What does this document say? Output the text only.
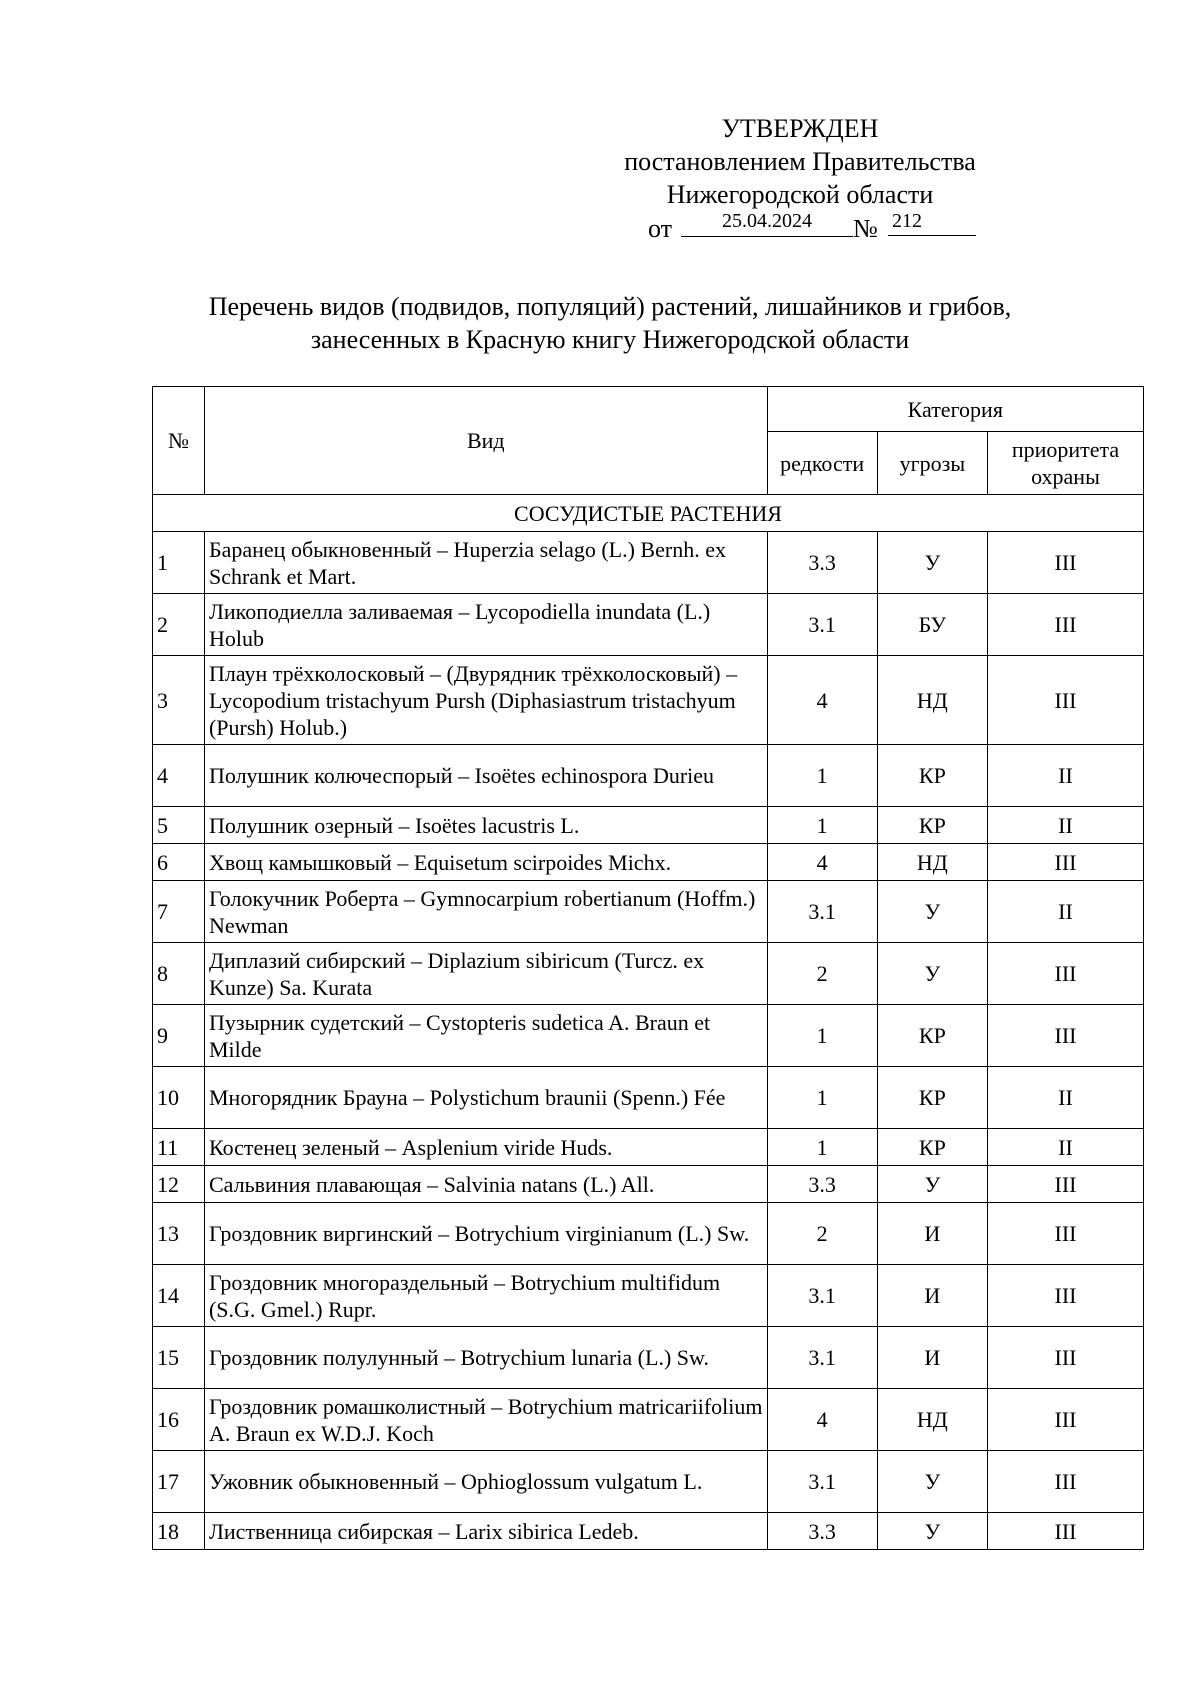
УТВЕРЖДЕН
постановлением Правительства
Нижегородской области
от	25.04.2024	№ 212
Перечень видов (подвидов, популяций) растений, лишайников и грибов,
занесенных в Красную книгу Нижегородской области
№	Вид	Категория		
		редкости	угрозы	приоритета охраны
СОСУДИСТЫЕ РАСТЕНИЯ				
1	Баранец обыкновенный – Huperzia selago (L.) Bernh. ex Schrank et Mart.	3.3	У	III
2	Ликоподиелла заливаемая – Lycopodiella inundata (L.) Holub	3.1	БУ	III
3	Плаун трёхколосковый – (Двурядник трёхколосковый) – Lycopodium tristachyum Pursh (Diphasiastrum tristachyum (Pursh) Holub.)	4	НД	III
4	Полушник колючеспорый – Isoëtes echinospora Durieu	1	КР	II
5	Полушник озерный – Isoëtes lacustris L.	1	КР	II
6	Хвощ камышковый – Equisetum scirpoides Michx.	4	НД	III
7	Голокучник Роберта – Gymnocarpium robertianum (Hoffm.) Newman	3.1	У	II
8	Диплазий сибирский – Diplazium sibiricum (Turcz. ex Kunze) Sa. Kurata	2	У	III
9	Пузырник судетский – Cystopteris sudetica A. Braun et Milde	1	КР	III
10	Многорядник Брауна – Polystichum braunii (Spenn.) Fée	1	КР	II
11	Костенец зеленый – Asplenium viride Huds.	1	КР	II
12	Сальвиния плавающая – Salvinia natans (L.) All.	3.3	У	III
13	Гроздовник виргинский – Botrychium virginianum (L.) Sw.	2	И	III
14	Гроздовник многораздельный – Botrychium multifidum (S.G. Gmel.) Rupr.	3.1	И	III
15	Гроздовник полулунный – Botrychium lunaria (L.) Sw.	3.1	И	III
16	Гроздовник ромашколистный – Botrychium matricariifolium A. Braun ex W.D.J. Koch	4	НД	III
17	Ужовник обыкновенный – Ophioglossum vulgatum L.	3.1	У	III
18	Лиственница сибирская – Larix sibirica Ledeb.	3.3	У	III
